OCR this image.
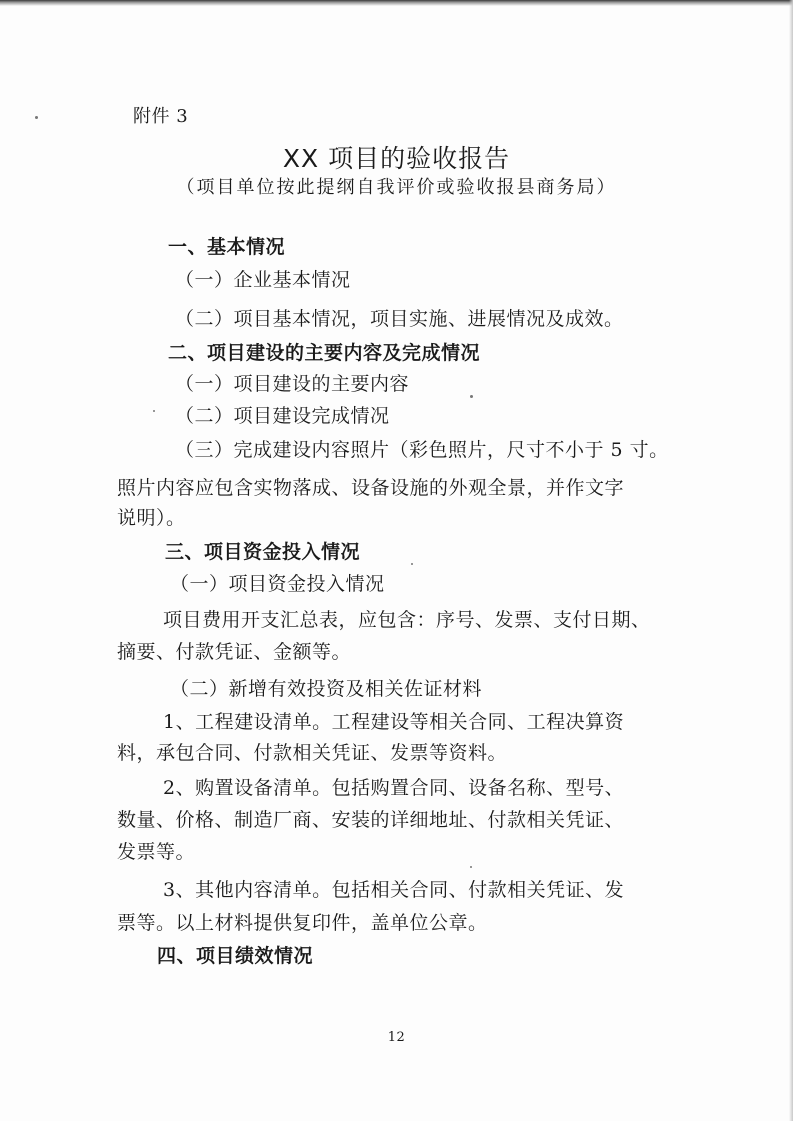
附件 3
XX 项目的验收报告
（项目单位按此提纲自我评价或验收报县商务局）
一、基本情况
（一）企业基本情况
（二）项目基本情况，项目实施、进展情况及成效。
二、项目建设的主要内容及完成情况
（一）项目建设的主要内容
（二）项目建设完成情况
（三）完成建设内容照片（彩色照片，尺寸不小于 5 寸。
照片内容应包含实物落成、设备设施的外观全景，并作文字
说明）。
三、项目资金投入情况
（一）项目资金投入情况
项目费用开支汇总表，应包含：序号、发票、支付日期、
摘要、付款凭证、金额等。
（二）新增有效投资及相关佐证材料
1、工程建设清单。工程建设等相关合同、工程决算资
料，承包合同、付款相关凭证、发票等资料。
2、购置设备清单。包括购置合同、设备名称、型号、
数量、价格、制造厂商、安装的详细地址、付款相关凭证、
发票等。
3、其他内容清单。包括相关合同、付款相关凭证、发
票等。以上材料提供复印件，盖单位公章。
四、项目绩效情况
12
